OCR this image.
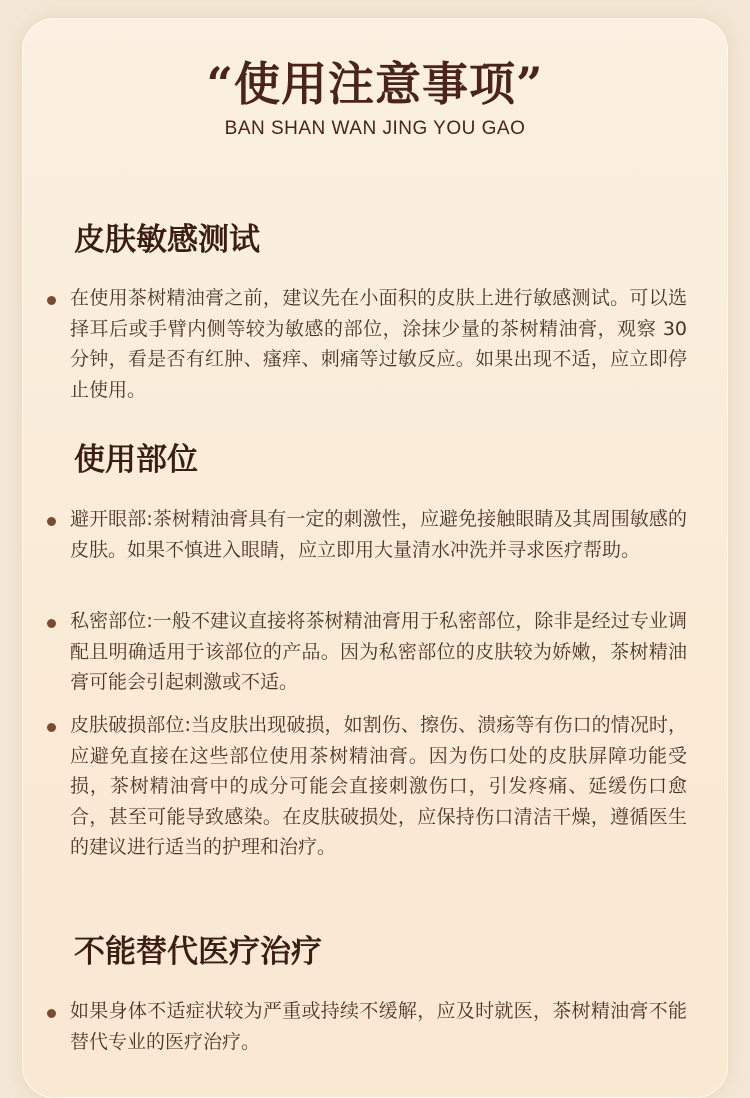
“使用注意事项”
BAN SHAN WAN JING YOU GAO
皮肤敏感测试
在使用茶树精油膏之前，建议先在小面积的皮肤上进行敏感测试。可以选择耳后或手臂内侧等较为敏感的部位，涂抹少量的茶树精油膏，观察 30分钟，看是否有红肿、瘙痒、刺痛等过敏反应。如果出现不适，应立即停止使用。
使用部位
避开眼部:茶树精油膏具有一定的刺激性，应避免接触眼睛及其周围敏感的皮肤。如果不慎进入眼睛，应立即用大量清水冲洗并寻求医疗帮助。
私密部位:一般不建议直接将茶树精油膏用于私密部位，除非是经过专业调配且明确适用于该部位的产品。因为私密部位的皮肤较为娇嫩，茶树精油膏可能会引起刺激或不适。
皮肤破损部位:当皮肤出现破损，如割伤、擦伤、溃疡等有伤口的情况时，应避免直接在这些部位使用茶树精油膏。因为伤口处的皮肤屏障功能受损，茶树精油膏中的成分可能会直接刺激伤口，引发疼痛、延缓伤口愈合，甚至可能导致感染。在皮肤破损处，应保持伤口清洁干燥，遵循医生的建议进行适当的护理和治疗。
不能替代医疗治疗
如果身体不适症状较为严重或持续不缓解，应及时就医，茶树精油膏不能替代专业的医疗治疗。
